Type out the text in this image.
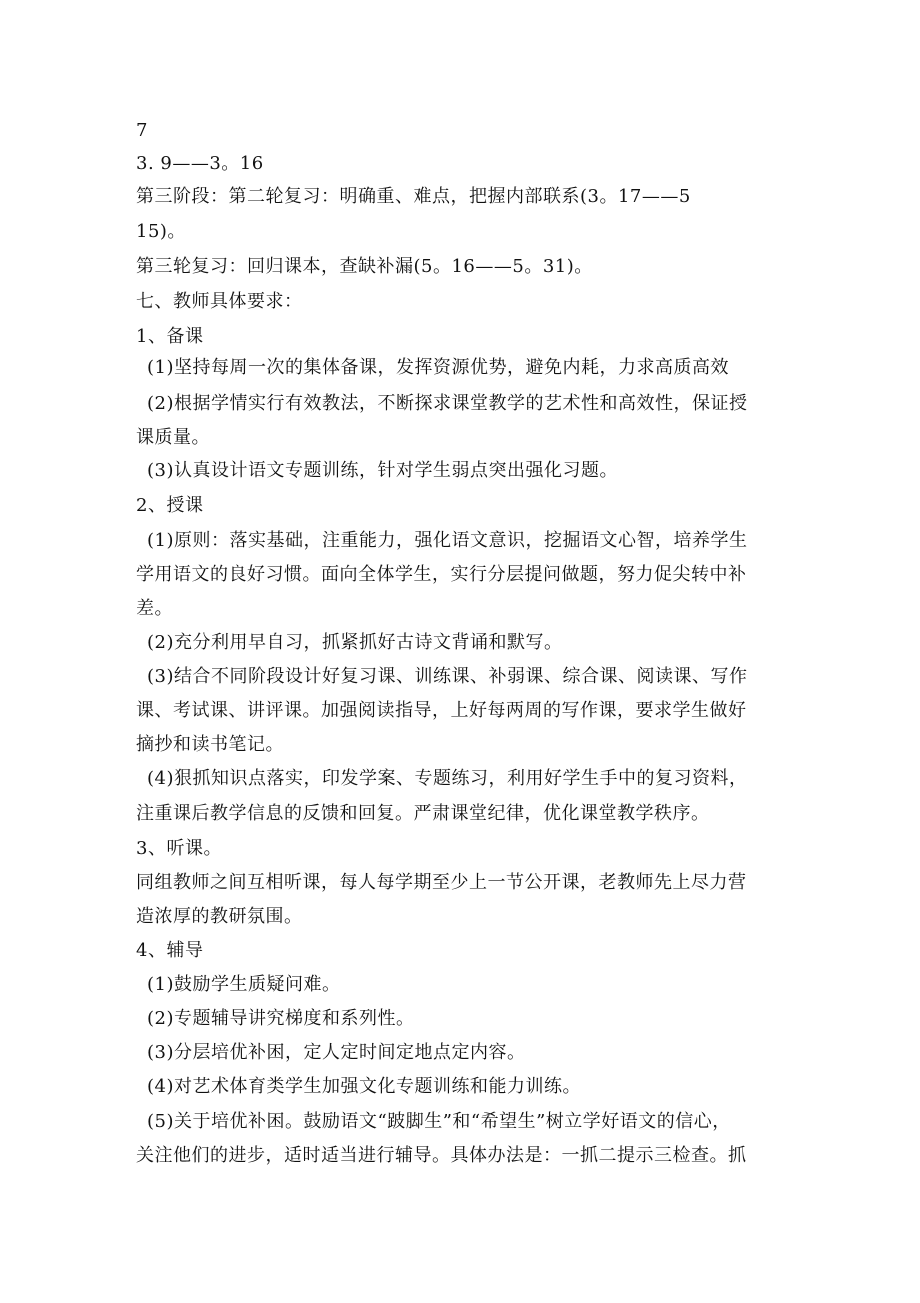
7
3. 9——3。16
第三阶段：第二轮复习：明确重、难点，把握内部联系(3。17——5
15)。
第三轮复习：回归课本，查缺补漏(5。16——5。31)。
七、教师具体要求：
1、备课
(1)坚持每周一次的集体备课，发挥资源优势，避免内耗，力求高质高效
(2)根据学情实行有效教法，不断探求课堂教学的艺术性和高效性，保证授
课质量。
(3)认真设计语文专题训练，针对学生弱点突出强化习题。
2、授课
(1)原则：落实基础，注重能力，强化语文意识，挖掘语文心智，培养学生
学用语文的良好习惯。面向全体学生，实行分层提问做题，努力促尖转中补
差。
(2)充分利用早自习，抓紧抓好古诗文背诵和默写。
(3)结合不同阶段设计好复习课、训练课、补弱课、综合课、阅读课、写作
课、考试课、讲评课。加强阅读指导，上好每两周的写作课，要求学生做好
摘抄和读书笔记。
(4)狠抓知识点落实，印发学案、专题练习，利用好学生手中的复习资料，
注重课后教学信息的反馈和回复。严肃课堂纪律，优化课堂教学秩序。
3、听课。
同组教师之间互相听课，每人每学期至少上一节公开课，老教师先上尽力营
造浓厚的教研氛围。
4、辅导
(1)鼓励学生质疑问难。
(2)专题辅导讲究梯度和系列性。
(3)分层培优补困，定人定时间定地点定内容。
(4)对艺术体育类学生加强文化专题训练和能力训练。
(5)关于培优补困。鼓励语文“跛脚生”和“希望生”树立学好语文的信心，
关注他们的进步，适时适当进行辅导。具体办法是：一抓二提示三检查。抓
